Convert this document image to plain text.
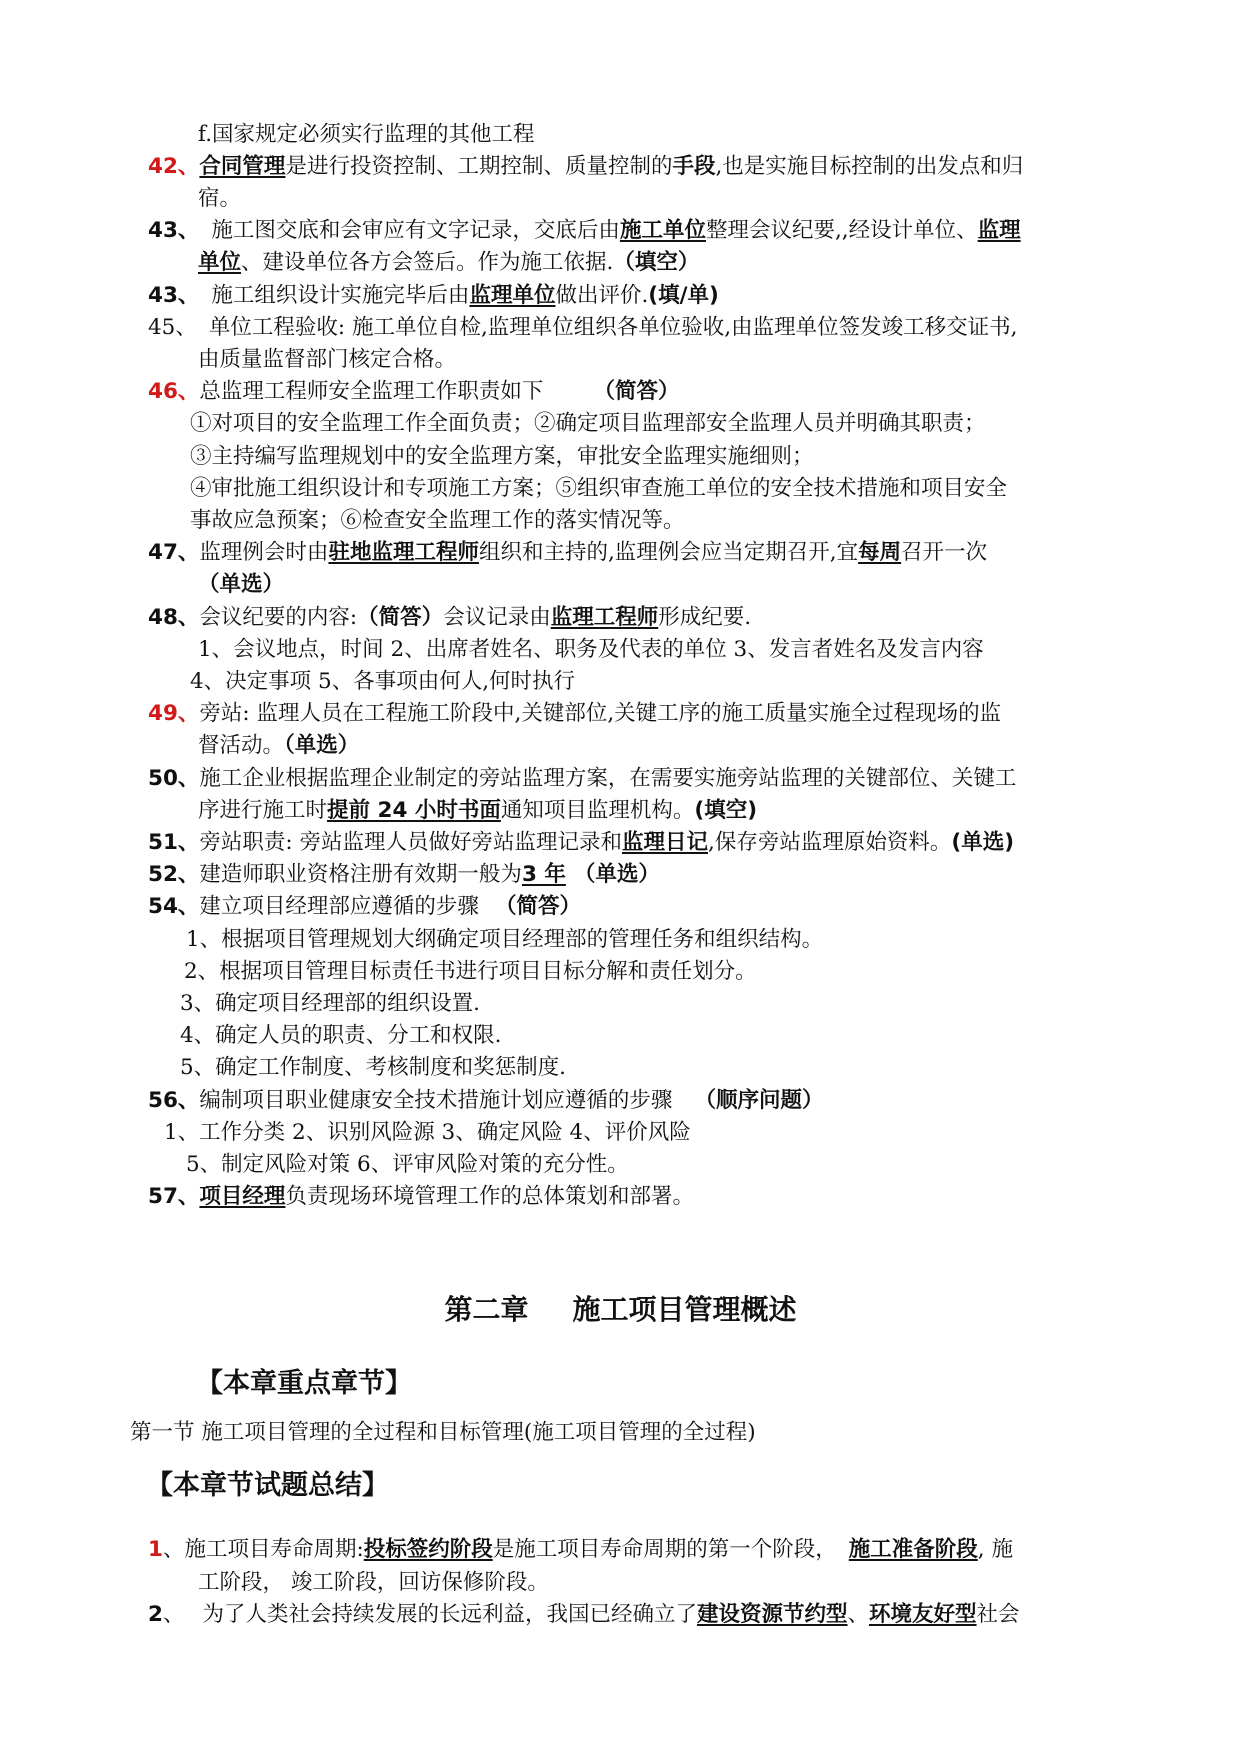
f.国家规定必须实行监理的其他工程
42、合同管理是进行投资控制、工期控制、质量控制的手段,也是实施目标控制的出发点和归
宿。
43、 施工图交底和会审应有文字记录，交底后由施工单位整理会议纪要,,经设计单位、监理
单位、建设单位各方会签后。作为施工依据.（填空）
43、 施工组织设计实施完毕后由监理单位做出评价.(填/单)
45、 单位工程验收: 施工单位自检,监理单位组织各单位验收,由监理单位签发竣工移交证书,
由质量监督部门核定合格。
46、总监理工程师安全监理工作职责如下 （简答）
①对项目的安全监理工作全面负责；②确定项目监理部安全监理人员并明确其职责；
③主持编写监理规划中的安全监理方案，审批安全监理实施细则；
④审批施工组织设计和专项施工方案；⑤组织审查施工单位的安全技术措施和项目安全
事故应急预案；⑥检查安全监理工作的落实情况等。
47、监理例会时由驻地监理工程师组织和主持的,监理例会应当定期召开,宜每周召开一次
（单选）
48、会议纪要的内容:（简答）会议记录由监理工程师形成纪要.
1、会议地点，时间 2、出席者姓名、职务及代表的单位 3、发言者姓名及发言内容
4、决定事项 5、各事项由何人,何时执行
49、旁站: 监理人员在工程施工阶段中,关键部位,关键工序的施工质量实施全过程现场的监
督活动。（单选）
50、施工企业根据监理企业制定的旁站监理方案，在需要实施旁站监理的关键部位、关键工
序进行施工时提前 24 小时书面通知项目监理机构。(填空)
51、旁站职责: 旁站监理人员做好旁站监理记录和监理日记,保存旁站监理原始资料。(单选)
52、建造师职业资格注册有效期一般为3 年 （单选）
54、建立项目经理部应遵循的步骤 （简答）
1、根据项目管理规划大纲确定项目经理部的管理任务和组织结构。
2、根据项目管理目标责任书进行项目目标分解和责任划分。
3、确定项目经理部的组织设置.
4、确定人员的职责、分工和权限.
5、确定工作制度、考核制度和奖惩制度.
56、编制项目职业健康安全技术措施计划应遵循的步骤 （顺序问题）
1、工作分类 2、识别风险源 3、确定风险 4、评价风险
5、制定风险对策 6、评审风险对策的充分性。
57、项目经理负责现场环境管理工作的总体策划和部署。
第二章 施工项目管理概述
【本章重点章节】
第一节 施工项目管理的全过程和目标管理(施工项目管理的全过程)
【本章节试题总结】
1、施工项目寿命周期:投标签约阶段是施工项目寿命周期的第一个阶段， 施工准备阶段, 施
工阶段， 竣工阶段，回访保修阶段。
2、 为了人类社会持续发展的长远利益，我国已经确立了建设资源节约型、环境友好型社会
